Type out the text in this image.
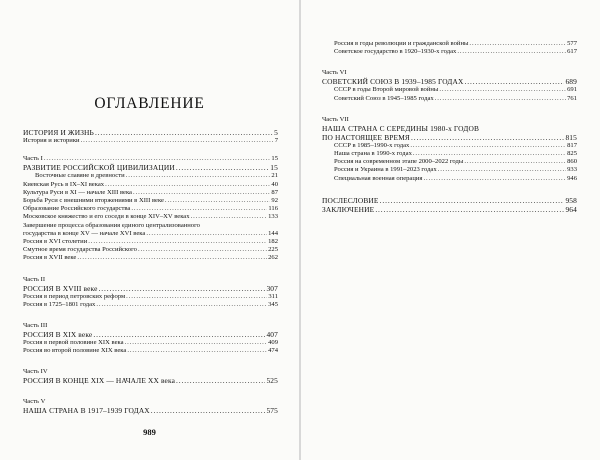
ОГЛАВЛЕНИЕ
ИСТОРИЯ И ЖИЗНЬ .....	5
История и историки .....	7
Часть I .....	15
РАЗВИТИЕ РОССИЙСКОЙ ЦИВИЛИЗАЦИИ .....	15
Восточные славяне в древности .....	21
Киевская Русь в IX–XI веках .....	40
Культура Руси в XI — начале XIII века .....	87
Борьба Руси с внешними вторжениями в XIII веке .....	92
Образование Российского государства .....	116
Московское княжество и его соседи в конце XIV–XV веках .....	133
Завершение процесса образования единого централизованного
государства в конце XV — начале XVI века .....	144
Россия в XVI столетии .....	182
Смутное время государства Российского .....	225
Россия в XVII веке .....	262
Часть II
РОССИЯ В XVIII веке .....	307
Россия в период петровских реформ .....	311
Россия в 1725–1801 годах .....	345
Часть III
РОССИЯ В XIX веке .....	407
Россия в первой половине XIX века .....	409
Россия во второй половине XIX века .....	474
Часть IV
РОССИЯ В КОНЦЕ XIX — НАЧАЛЕ XX века .....	525
Часть V
НАША СТРАНА В 1917–1939 ГОДАХ .....	575
989
Россия в годы революции и гражданской войны .....	577
Советское государство в 1920–1930-х годах .....	617
Часть VI
СОВЕТСКИЙ СОЮЗ В 1939–1985 ГОДАХ .....	689
СССР в годы Второй мировой войны .....	691
Советский Союз в 1945–1985 годах .....	761
Часть VII
НАША СТРАНА С СЕРЕДИНЫ 1980-х ГОДОВ
ПО НАСТОЯЩЕЕ ВРЕМЯ .....	815
СССР в 1985–1990-х годах .....	817
Наша страна в 1990-х годах .....	825
Россия на современном этапе 2000–2022 годы .....	860
Россия и Украина в 1991–2023 годах .....	933
Специальная военная операция .....	946
ПОСЛЕСЛОВИЕ .....	958
ЗАКЛЮЧЕНИЕ .....	964
